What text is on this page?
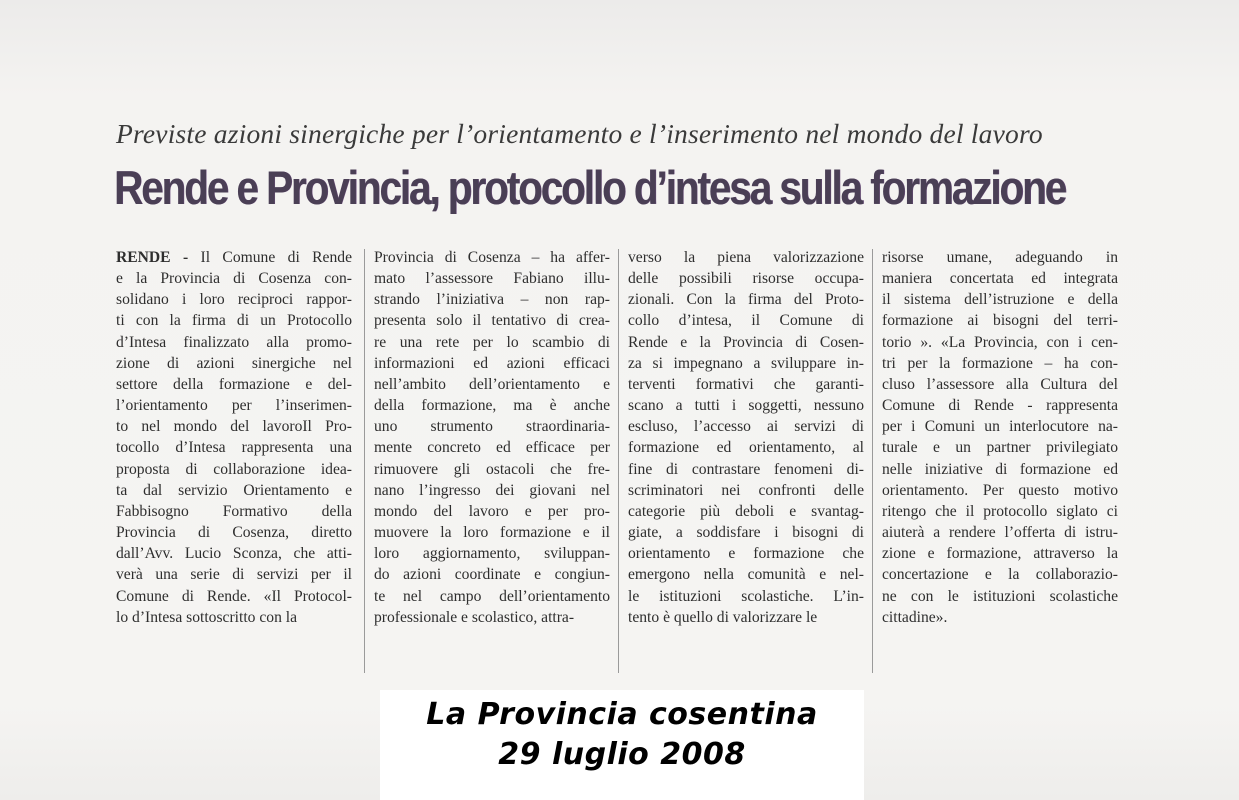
Previste azioni sinergiche per l’orientamento e l’inserimento nel mondo del lavoro
Rende e Provincia, protocollo d’intesa sulla formazione
RENDE - Il Comune di Rende
e la Provincia di Cosenza con-
solidano i loro reciproci rappor-
ti con la firma di un Protocollo
d’Intesa finalizzato alla promo-
zione di azioni sinergiche nel
settore della formazione e del-
l’orientamento per l’inserimen-
to nel mondo del lavoroIl Pro-
tocollo d’Intesa rappresenta una
proposta di collaborazione idea-
ta dal servizio Orientamento e
Fabbisogno Formativo della
Provincia di Cosenza, diretto
dall’Avv. Lucio Sconza, che atti-
verà una serie di servizi per il
Comune di Rende. «Il Protocol-
lo d’Intesa sottoscritto con la
Provincia di Cosenza – ha affer-
mato l’assessore Fabiano illu-
strando l’iniziativa – non rap-
presenta solo il tentativo di crea-
re una rete per lo scambio di
informazioni ed azioni efficaci
nell’ambito dell’orientamento e
della formazione, ma è anche
uno strumento straordinaria-
mente concreto ed efficace per
rimuovere gli ostacoli che fre-
nano l’ingresso dei giovani nel
mondo del lavoro e per pro-
muovere la loro formazione e il
loro aggiornamento, sviluppan-
do azioni coordinate e congiun-
te nel campo dell’orientamento
professionale e scolastico, attra-
verso la piena valorizzazione
delle possibili risorse occupa-
zionali. Con la firma del Proto-
collo d’intesa, il Comune di
Rende e la Provincia di Cosen-
za si impegnano a sviluppare in-
terventi formativi che garanti-
scano a tutti i soggetti, nessuno
escluso, l’accesso ai servizi di
formazione ed orientamento, al
fine di contrastare fenomeni di-
scriminatori nei confronti delle
categorie più deboli e svantag-
giate, a soddisfare i bisogni di
orientamento e formazione che
emergono nella comunità e nel-
le istituzioni scolastiche. L’in-
tento è quello di valorizzare le
risorse umane, adeguando in
maniera concertata ed integrata
il sistema dell’istruzione e della
formazione ai bisogni del terri-
torio ». «La Provincia, con i cen-
tri per la formazione – ha con-
cluso l’assessore alla Cultura del
Comune di Rende - rappresenta
per i Comuni un interlocutore na-
turale e un partner privilegiato
nelle iniziative di formazione ed
orientamento. Per questo motivo
ritengo che il protocollo siglato ci
aiuterà a rendere l’offerta di istru-
zione e formazione, attraverso la
concertazione e la collaborazio-
ne con le istituzioni scolastiche
cittadine».
La Provincia cosentina
29 luglio 2008
